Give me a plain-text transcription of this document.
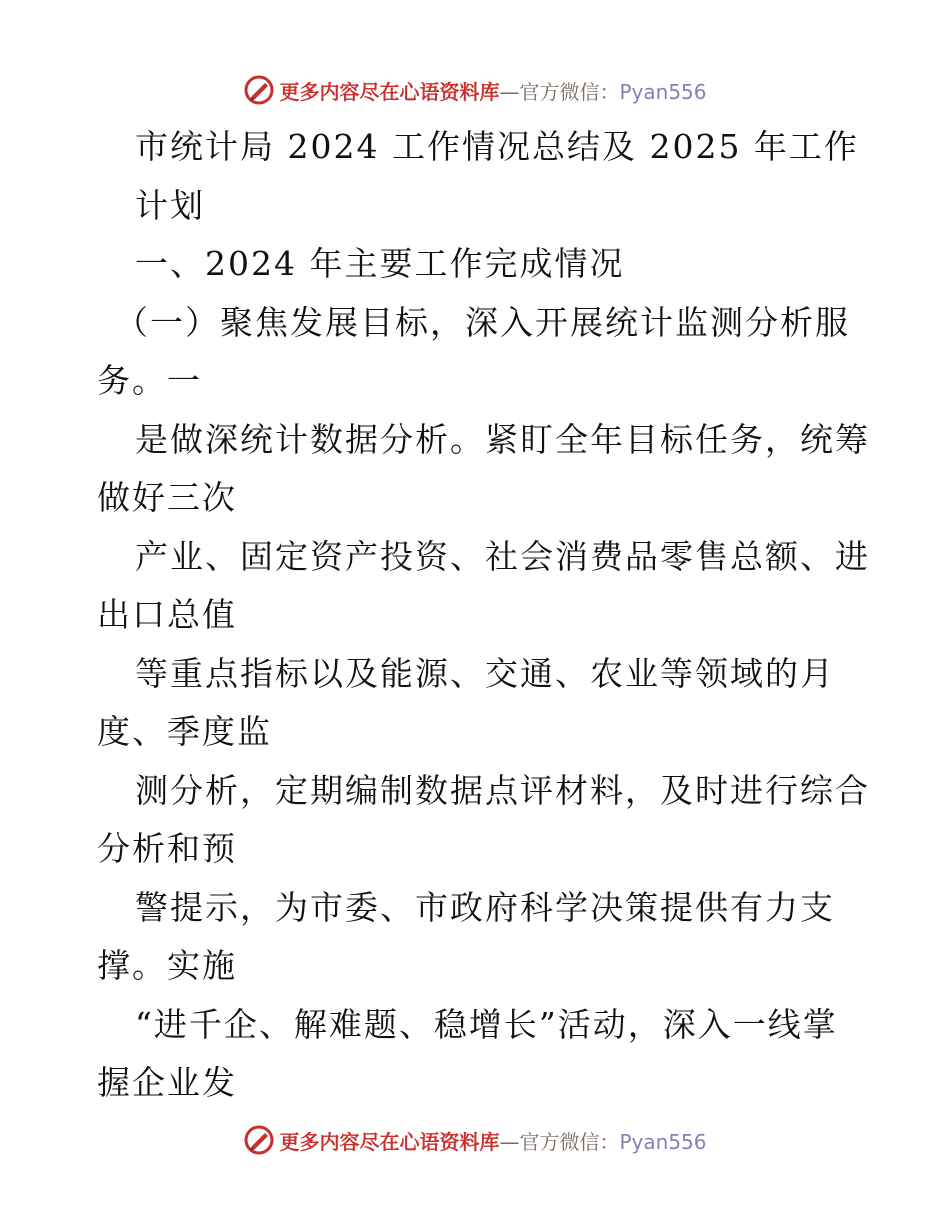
更多内容尽在心语资料库—官方微信：Pyan556
市统计局 2024 工作情况总结及 2025 年工作
计划
一、2024 年主要工作完成情况
（一）聚焦发展目标，深入开展统计监测分析服
务。一
是做深统计数据分析。紧盯全年目标任务，统筹
做好三次
产业、固定资产投资、社会消费品零售总额、进
出口总值
等重点指标以及能源、交通、农业等领域的月
度、季度监
测分析，定期编制数据点评材料，及时进行综合
分析和预
警提示，为市委、市政府科学决策提供有力支
撑。实施
“进千企、解难题、稳增长”活动，深入一线掌
握企业发
更多内容尽在心语资料库—官方微信：Pyan556
